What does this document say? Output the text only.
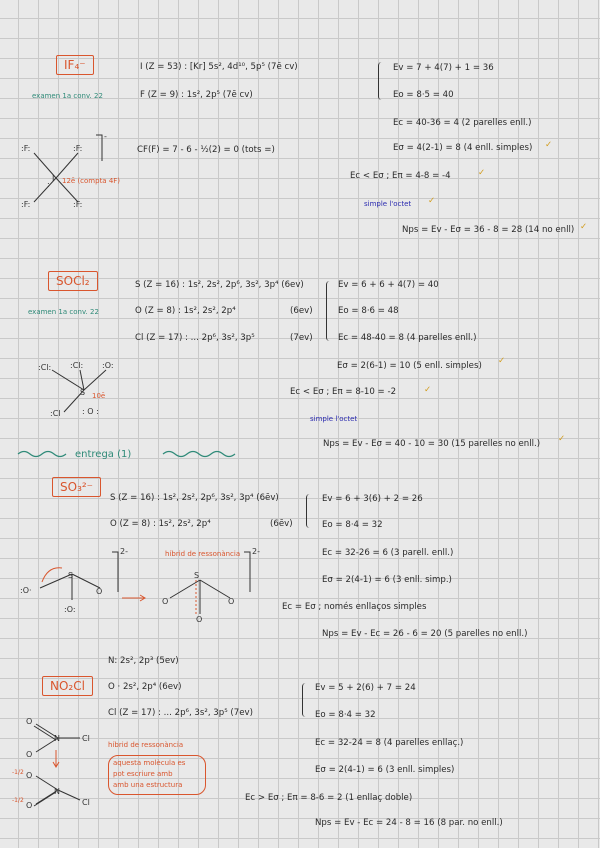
IF₄⁻
examen 1a conv. 22
I (Z = 53) : [Kr] 5s², 4d¹⁰, 5p⁵ (7ē cv)
F (Z = 9) : 1s², 2p⁵ (7ē cv)
CF(F) = 7 - 6 - ½(2) = 0 (tots =)
Ev = 7 + 4(7) + 1 = 36
Eo = 8·5 = 40
Ec = 40-36 = 4 (2 parelles enll.)
Eσ = 4(2-1) = 8 (4 enll. simples) ✓
Ec < Eσ ; Eπ = 4-8 = -4	✓
simple l'octet ✓
Nps = Ev - Eσ = 36 - 8 = 28 (14 no enll) ✓
I
:F:	:F:
:F:	:F:
:
-
12ē (compta 4F)
SOCl₂
examen 1a conv. 22
S (Z = 16) : 1s², 2s², 2p⁶, 3s², 3p⁴ (6ev)
O (Z = 8) : 1s², 2s², 2p⁴	(6ev)
Cl (Z = 17) : ... 2p⁶, 3s², 3p⁵	(7ev)
Ev = 6 + 6 + 4(7) = 40
Eo = 8·6 = 48
Ec = 48-40 = 8 (4 parelles enll.)
Eσ = 2(6-1) = 10 (5 enll. simples) ✓
Ec < Eσ ; Eπ = 8-10 = -2	✓
simple l'octet
Nps = Ev - Eσ = 40 - 10 = 30 (15 parelles no enll.) ✓
S
:Cl: :Cl: :O:
:Cl	: O :
10ē
entrega (1)
SO₃²⁻
S (Z = 16) : 1s², 2s², 2p⁶, 3s², 3p⁴ (6ēv)
O (Z = 8) : 1s², 2s², 2p⁴	(6ēv)
Ev = 6 + 3(6) + 2 = 26
Eo = 8·4 = 32
híbrid de ressonància	Ec = 32-26 = 6 (3 parell. enll.)
Eσ = 2(4-1) = 6 (3 enll. simp.)
Ec = Eσ ; només enllaços simples
Nps = Ev - Ec = 26 - 6 = 20 (5 parelles no enll.)
S
:O·	O
:O:
2-
S
O	O
O
2-
N: 2s², 2p³ (5ev)
NO₂Cl	O · 2s², 2p⁴ (6ev)
Cl (Z = 17) : ... 2p⁶, 3s², 3p⁵ (7ev)
Ev = 5 + 2(6) + 7 = 24
Eo = 8·4 = 32
híbrid de ressonància	Ec = 32-24 = 8 (4 parelles enllaç.)
Eσ = 2(4-1) = 6 (3 enll. simples)
Ec > Eσ ; Eπ = 8-6 = 2 (1 enllaç doble)
Nps = Ev - Ec = 24 - 8 = 16 (8 par. no enll.)
aquesta molècula es
pot escriure amb
amb una estructura
N
O
O
Cl
N
O
O	Cl
-1/2
-1/2
